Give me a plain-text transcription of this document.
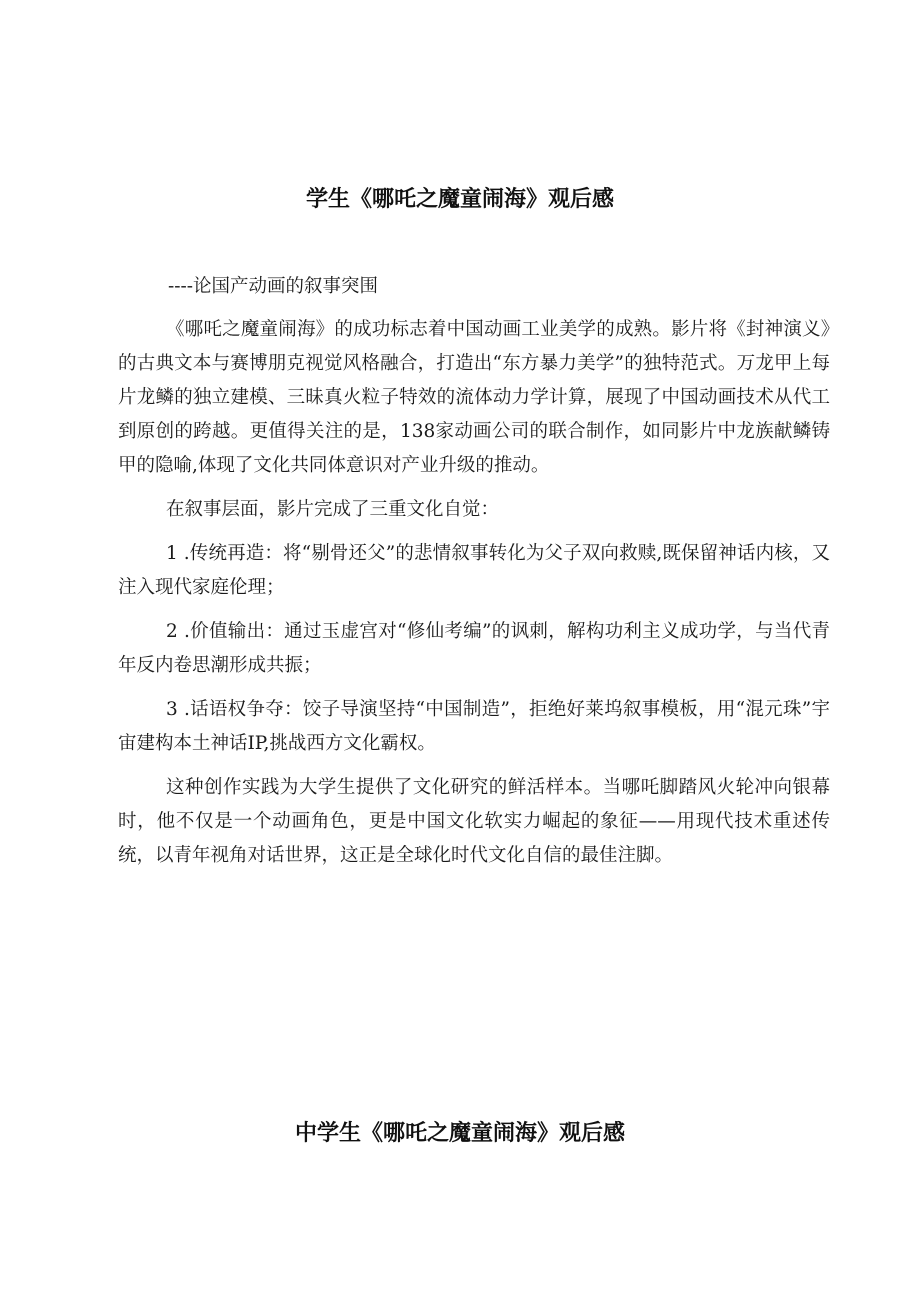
学生《哪吒之魔童闹海》观后感
----论国产动画的叙事突围

《哪吒之魔童闹海》的成功标志着中国动画工业美学的成熟。影片将《封神演义》的古典文本与赛博朋克视觉风格融合，打造出“东方暴力美学”的独特范式。万龙甲上每片龙鳞的独立建模、三昧真火粒子特效的流体动力学计算，展现了中国动画技术从代工到原创的跨越。更值得关注的是，138家动画公司的联合制作，如同影片中龙族献鳞铸甲的隐喻,体现了文化共同体意识对产业升级的推动。

在叙事层面，影片完成了三重文化自觉：

1 .传统再造：将“剔骨还父”的悲情叙事转化为父子双向救赎,既保留神话内核，又注入现代家庭伦理；

2 .价值输出：通过玉虚宫对“修仙考编”的讽刺，解构功利主义成功学，与当代青年反内卷思潮形成共振；

3 .话语权争夺：饺子导演坚持“中国制造”，拒绝好莱坞叙事模板，用“混元珠”宇宙建构本土神话IP,挑战西方文化霸权。

这种创作实践为大学生提供了文化研究的鲜活样本。当哪吒脚踏风火轮冲向银幕时，他不仅是一个动画角色，更是中国文化软实力崛起的象征——用现代技术重述传统，以青年视角对话世界，这正是全球化时代文化自信的最佳注脚。

中学生《哪吒之魔童闹海》观后感
